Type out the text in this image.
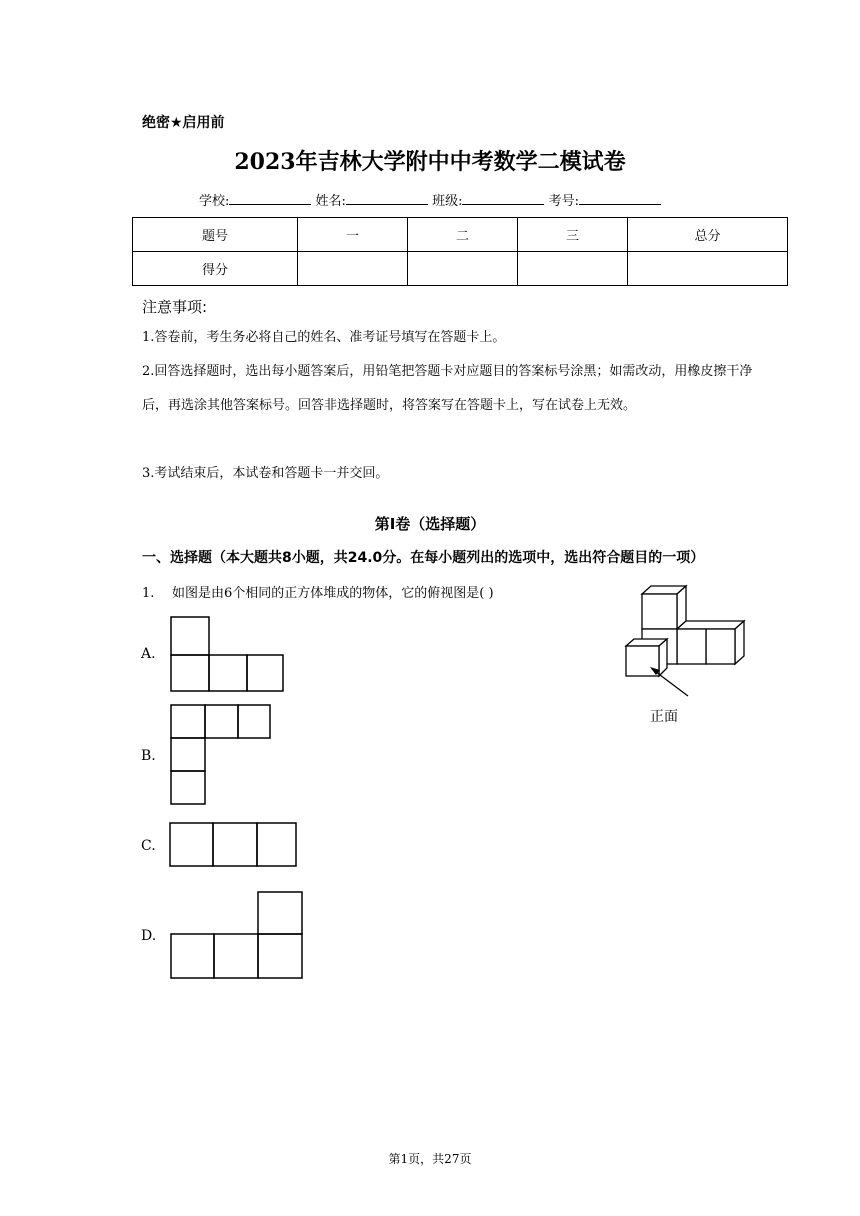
绝密★启用前
2023年吉林大学附中中考数学二模试卷
学校:	姓名:	班级:	考号:
题号	一	二	三	总分
得分				
注意事项:
1.答卷前，考生务必将自己的姓名、准考证号填写在答题卡上。
2.回答选择题时，选出每小题答案后，用铅笔把答题卡对应题目的答案标号涂黑；如需改动，用橡皮擦干净后，再选涂其他答案标号。回答非选择题时，将答案写在答题卡上，写在试卷上无效。
3.考试结束后，本试卷和答题卡一并交回。
第I卷（选择题）
一、选择题（本大题共8小题，共24.0分。在每小题列出的选项中，选出符合题目的一项）
1. 如图是由6个相同的正方体堆成的物体，它的俯视图是( )
正面
A.
B.
C.
D.
第1页，共27页
